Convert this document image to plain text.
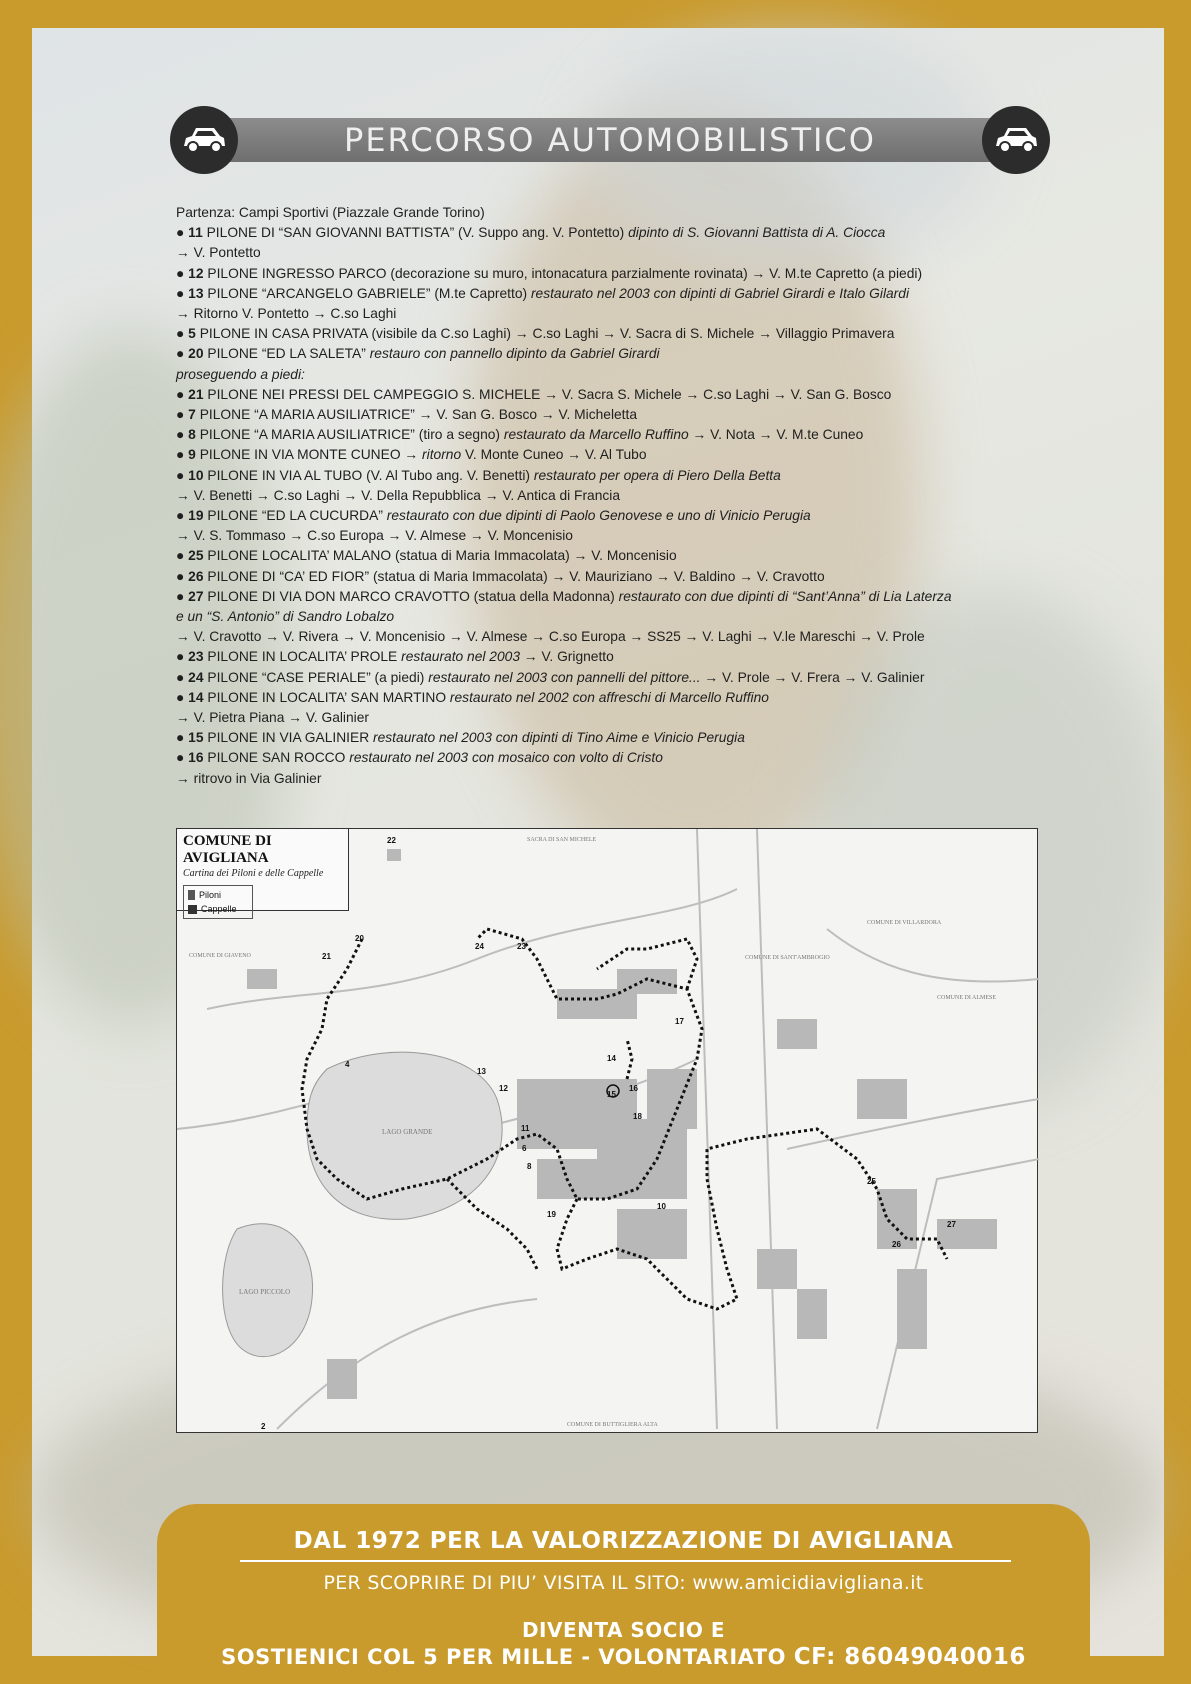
PERCORSO AUTOMOBILISTICO
Partenza: Campi Sportivi (Piazzale Grande Torino)
● 11 PILONE DI “SAN GIOVANNI BATTISTA” (V. Suppo ang. V. Pontetto) dipinto di S. Giovanni Battista di A. Ciocca
→ V. Pontetto
● 12 PILONE INGRESSO PARCO (decorazione su muro, intonacatura parzialmente rovinata) → V. M.te Capretto (a piedi)
● 13 PILONE “ARCANGELO GABRIELE” (M.te Capretto) restaurato nel 2003 con dipinti di Gabriel Girardi e Italo Gilardi
→ Ritorno V. Pontetto → C.so Laghi
● 5 PILONE IN CASA PRIVATA (visibile da C.so Laghi) → C.so Laghi → V. Sacra di S. Michele → Villaggio Primavera
● 20 PILONE “ED LA SALETA” restauro con pannello dipinto da Gabriel Girardi
proseguendo a piedi:
● 21 PILONE NEI PRESSI DEL CAMPEGGIO S. MICHELE → V. Sacra S. Michele → C.so Laghi → V. San G. Bosco
● 7 PILONE “A MARIA AUSILIATRICE” → V. San G. Bosco → V. Micheletta
● 8 PILONE “A MARIA AUSILIATRICE” (tiro a segno) restaurato da Marcello Ruffino → V. Nota → V. M.te Cuneo
● 9 PILONE IN VIA MONTE CUNEO → ritorno V. Monte Cuneo → V. Al Tubo
● 10 PILONE IN VIA AL TUBO (V. Al Tubo ang. V. Benetti) restaurato per opera di Piero Della Betta
→ V. Benetti → C.so Laghi → V. Della Repubblica → V. Antica di Francia
● 19 PILONE “ED LA CUCURDA” restaurato con due dipinti di Paolo Genovese e uno di Vinicio Perugia
→ V. S. Tommaso → C.so Europa → V. Almese → V. Moncenisio
● 25 PILONE LOCALITA’ MALANO (statua di Maria Immacolata) → V. Moncenisio
● 26 PILONE DI “CA’ ED FIOR” (statua di Maria Immacolata) → V. Mauriziano → V. Baldino → V. Cravotto
● 27 PILONE DI VIA DON MARCO CRAVOTTO (statua della Madonna) restaurato con due dipinti di “Sant’Anna” di Lia Laterza
e un “S. Antonio” di Sandro Lobalzo
→ V. Cravotto → V. Rivera → V. Moncenisio → V. Almese → C.so Europa → SS25 → V. Laghi → V.le Mareschi → V. Prole
● 23 PILONE IN LOCALITA’ PROLE restaurato nel 2003 → V. Grignetto
● 24 PILONE “CASE PERIALE” (a piedi) restaurato nel 2003 con pannelli del pittore... → V. Prole → V. Frera → V. Galinier
● 14 PILONE IN LOCALITA’ SAN MARTINO restaurato nel 2002 con affreschi di Marcello Ruffino
→ V. Pietra Piana → V. Galinier
● 15 PILONE IN VIA GALINIER restaurato nel 2003 con dipinti di Tino Aime e Vinicio Perugia
● 16 PILONE SAN ROCCO restaurato nel 2003 con mosaico con volto di Cristo
→ ritrovo in Via Galinier
LAGO GRANDE
LAGO PICCOLO
SACRA DI SAN MICHELE
COMUNE DI GIAVENO	COMUNE DI SANT'AMBROGIO
COMUNE DI VILLARDORA
COMUNE DI ALMESE
COMUNE DI BUTTIGLIERA ALTA
22
20
21
24	23
17
4
13
12
14
15
16
18
11
6
8
19
10
25
26
27
2
COMUNE DI AVIGLIANA
Cartina dei Piloni e delle Cappelle
Piloni
Cappelle
DAL 1972 PER LA VALORIZZAZIONE DI AVIGLIANA
PER SCOPRIRE DI PIU’ VISITA IL SITO: www.amicidiavigliana.it
DIVENTA SOCIO E
SOSTIENICI COL 5 PER MILLE - VOLONTARIATO CF: 86049040016
